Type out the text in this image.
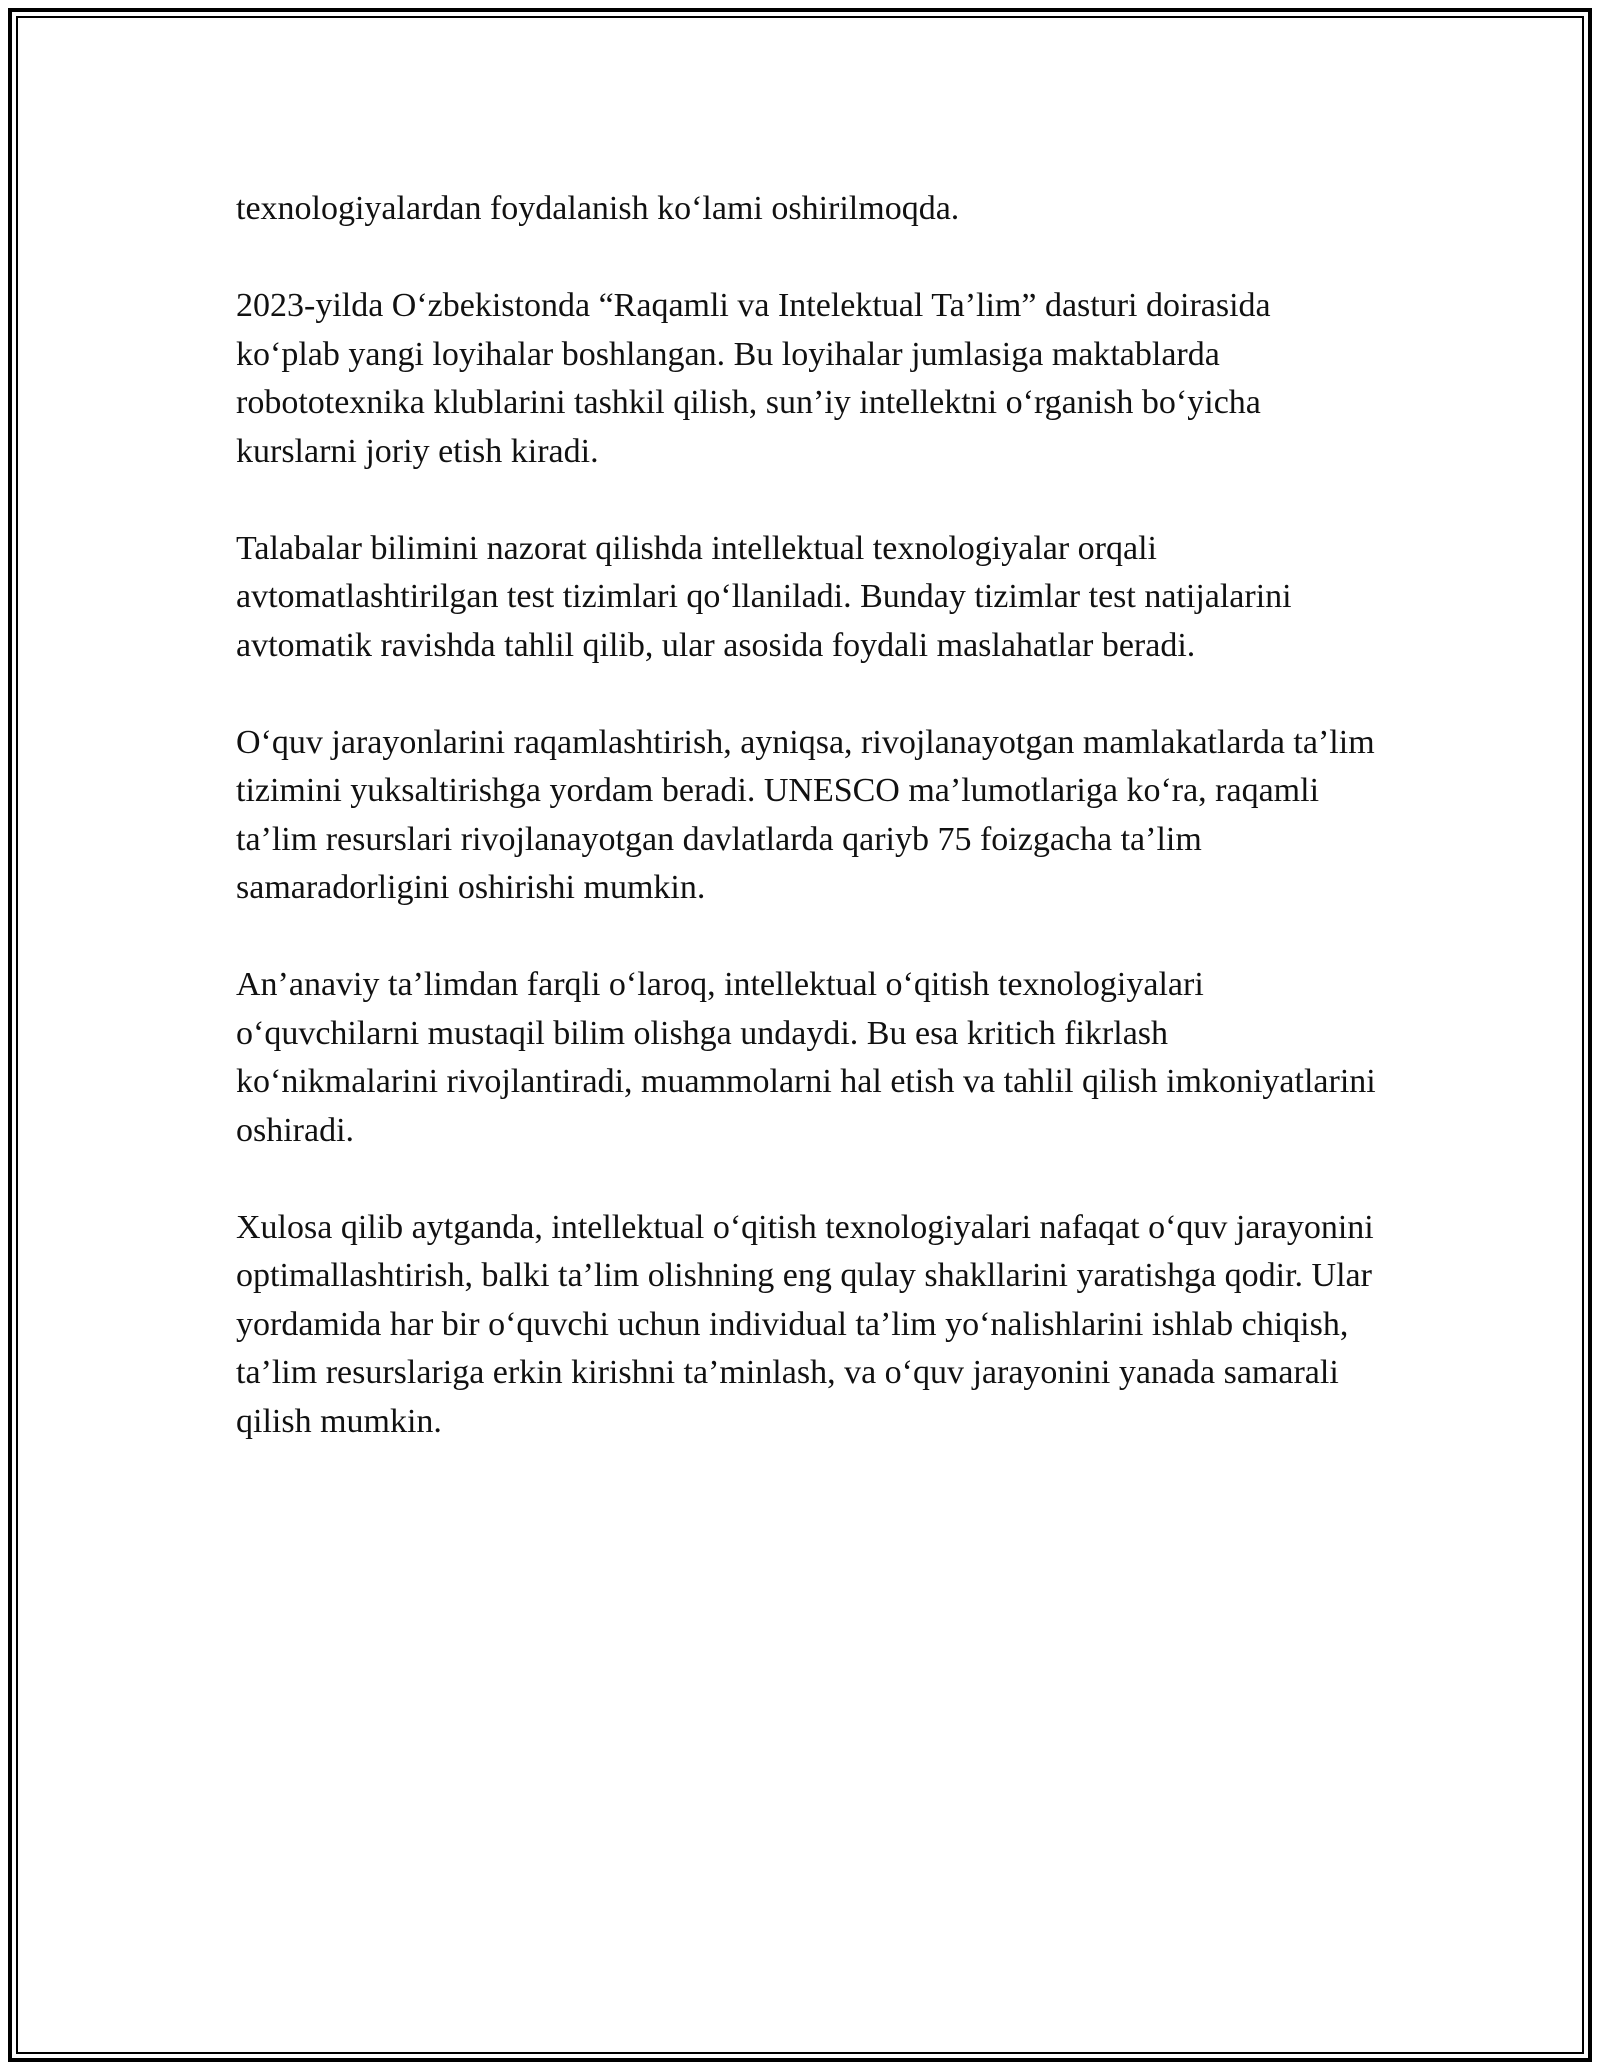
texnologiyalardan foydalanish ko‘lami oshirilmoqda.

2023-yilda O‘zbekistonda “Raqamli va Intelektual Ta’lim” dasturi doirasida ko‘plab yangi loyihalar boshlangan. Bu loyihalar jumlasiga maktablarda robototexnika klublarini tashkil qilish, sun’iy intellektni o‘rganish bo‘yicha kurslarni joriy etish kiradi.

Talabalar bilimini nazorat qilishda intellektual texnologiyalar orqali avtomatlashtirilgan test tizimlari qo‘llaniladi. Bunday tizimlar test natijalarini avtomatik ravishda tahlil qilib, ular asosida foydali maslahatlar beradi.

O‘quv jarayonlarini raqamlashtirish, ayniqsa, rivojlanayotgan mamlakatlarda ta’lim tizimini yuksaltirishga yordam beradi. UNESCO ma’lumotlariga ko‘ra, raqamli ta’lim resurslari rivojlanayotgan davlatlarda qariyb 75 foizgacha ta’lim samaradorligini oshirishi mumkin.

An’anaviy ta’limdan farqli o‘laroq, intellektual o‘qitish texnologiyalari o‘quvchilarni mustaqil bilim olishga undaydi. Bu esa kritich fikrlash ko‘nikmalarini rivojlantiradi, muammolarni hal etish va tahlil qilish imkoniyatlarini oshiradi.

Xulosa qilib aytganda, intellektual o‘qitish texnologiyalari nafaqat o‘quv jarayonini optimallashtirish, balki ta’lim olishning eng qulay shakllarini yaratishga qodir. Ular yordamida har bir o‘quvchi uchun individual ta’lim yo‘nalishlarini ishlab chiqish, ta’lim resurslariga erkin kirishni ta’minlash, va o‘quv jarayonini yanada samarali qilish mumkin.
